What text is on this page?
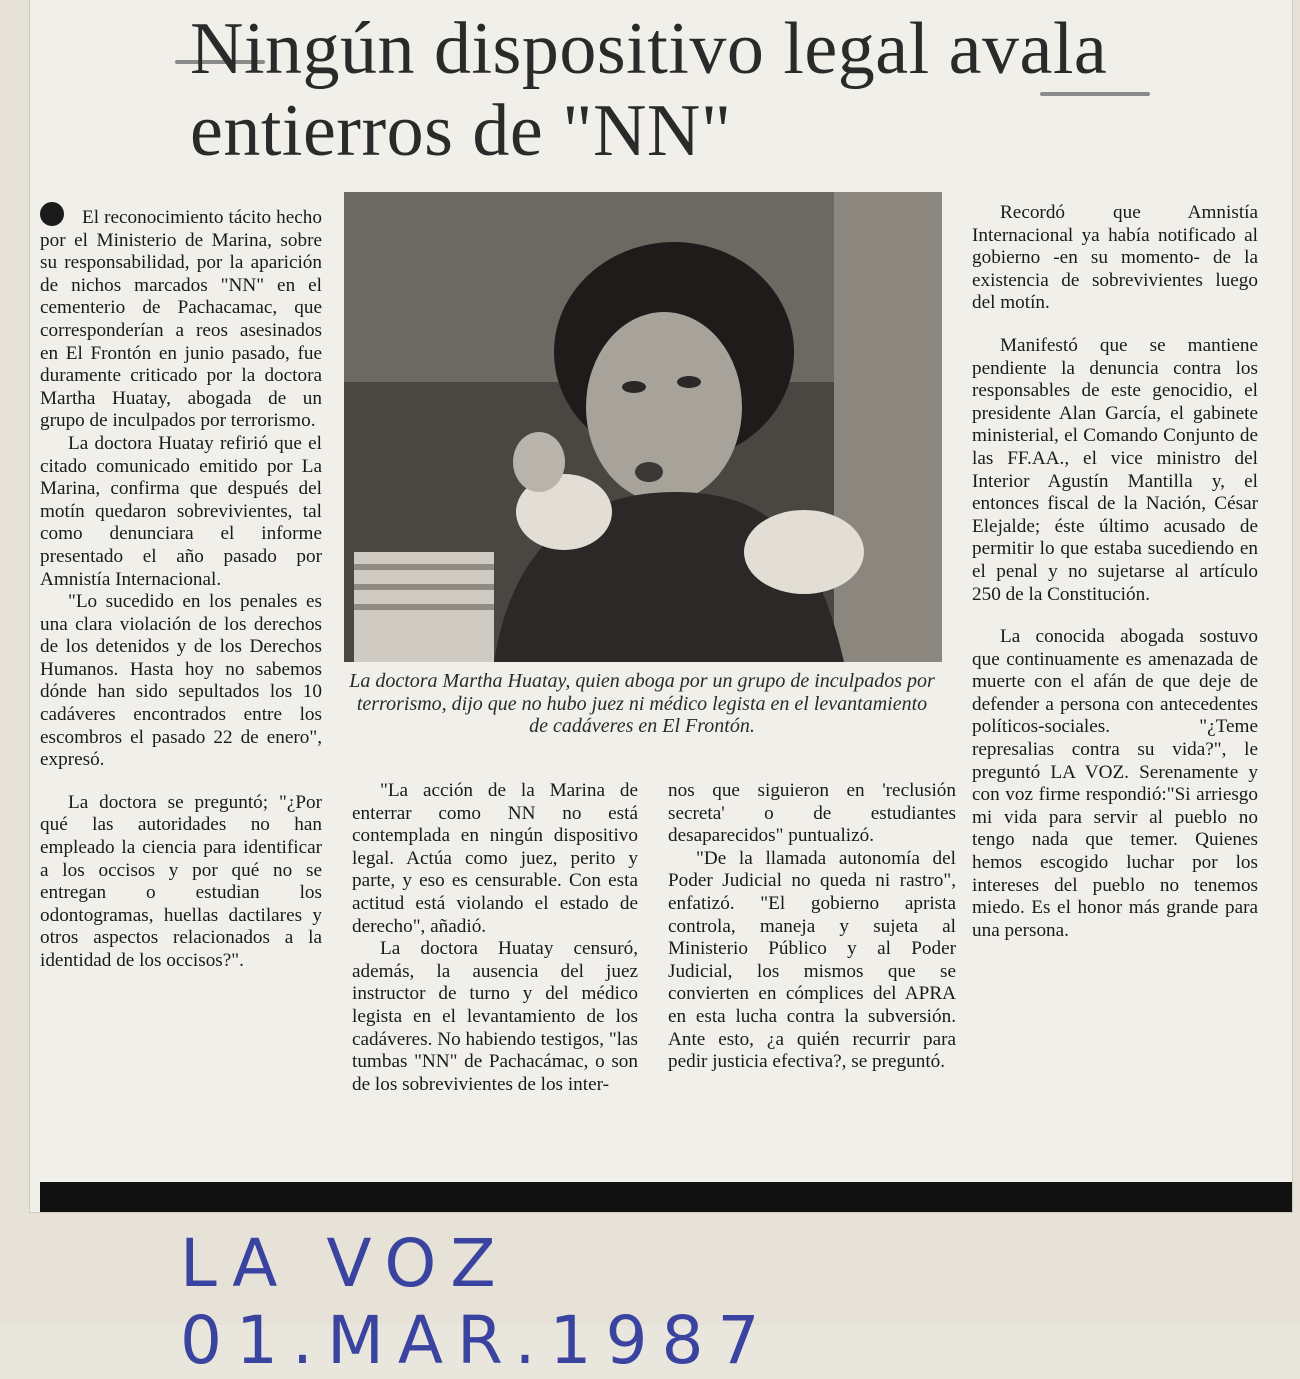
Ningún dispositivo legal avala entierros de "NN"

El reconocimiento tácito hecho por el Ministerio de Marina, sobre su responsabilidad, por la aparición de nichos marcados "NN" en el cementerio de Pachacamac, que corresponderían a reos asesinados en El Frontón en junio pasado, fue duramente criticado por la doctora Martha Huatay, abogada de un grupo de inculpados por terrorismo.

La doctora Huatay refirió que el citado comunicado emitido por La Marina, confirma que después del motín quedaron sobrevivientes, tal como denunciara el informe presentado el año pasado por Amnistía Internacional.

"Lo sucedido en los penales es una clara violación de los derechos de los detenidos y de los Derechos Humanos. Hasta hoy no sabemos dónde han sido sepultados los 10 cadáveres encontrados entre los escombros el pasado 22 de enero", expresó.

La doctora se preguntó; "¿Por qué las autoridades no han empleado la ciencia para identificar a los occisos y por qué no se entregan o estudian los odontogramas, huellas dactilares y otros aspectos relacionados a la identidad de los occisos?".

La doctora Martha Huatay, quien aboga por un grupo de inculpados por terrorismo, dijo que no hubo juez ni médico legista en el levantamiento de cadáveres en El Frontón.

"La acción de la Marina de enterrar como NN no está contemplada en ningún dispositivo legal. Actúa como juez, perito y parte, y eso es censurable. Con esta actitud está violando el estado de derecho", añadió.

La doctora Huatay censuró, además, la ausencia del juez instructor de turno y del médico legista en el levantamiento de los cadáveres. No habiendo testigos, "las tumbas "NN" de Pachacámac, o son de los sobrevivientes de los inter-

nos que siguieron en 'reclusión secreta' o de estudiantes desaparecidos" puntualizó.

"De la llamada autonomía del Poder Judicial no queda ni rastro", enfatizó. "El gobierno aprista controla, maneja y sujeta al Ministerio Público y al Poder Judicial, los mismos que se convierten en cómplices del APRA en esta lucha contra la subversión. Ante esto, ¿a quién recurrir para pedir justicia efectiva?, se preguntó.

Recordó que Amnistía Internacional ya había notificado al gobierno -en su momento- de la existencia de sobrevivientes luego del motín.

Manifestó que se mantiene pendiente la denuncia contra los responsables de este genocidio, el presidente Alan García, el gabinete ministerial, el Comando Conjunto de las FF.AA., el vice ministro del Interior Agustín Mantilla y, el entonces fiscal de la Nación, César Elejalde; éste último acusado de permitir lo que estaba sucediendo en el penal y no sujetarse al artículo 250 de la Constitución.

La conocida abogada sostuvo que continuamente es amenazada de muerte con el afán de que deje de defender a persona con antecedentes políticos-sociales. "¿Teme represalias contra su vida?", le preguntó LA VOZ. Serenamente y con voz firme respondió:"Si arriesgo mi vida para servir al pueblo no tengo nada que temer. Quienes hemos escogido luchar por los intereses del pueblo no tenemos miedo. Es el honor más grande para una persona.

LA VOZ 01.MAR.1987
